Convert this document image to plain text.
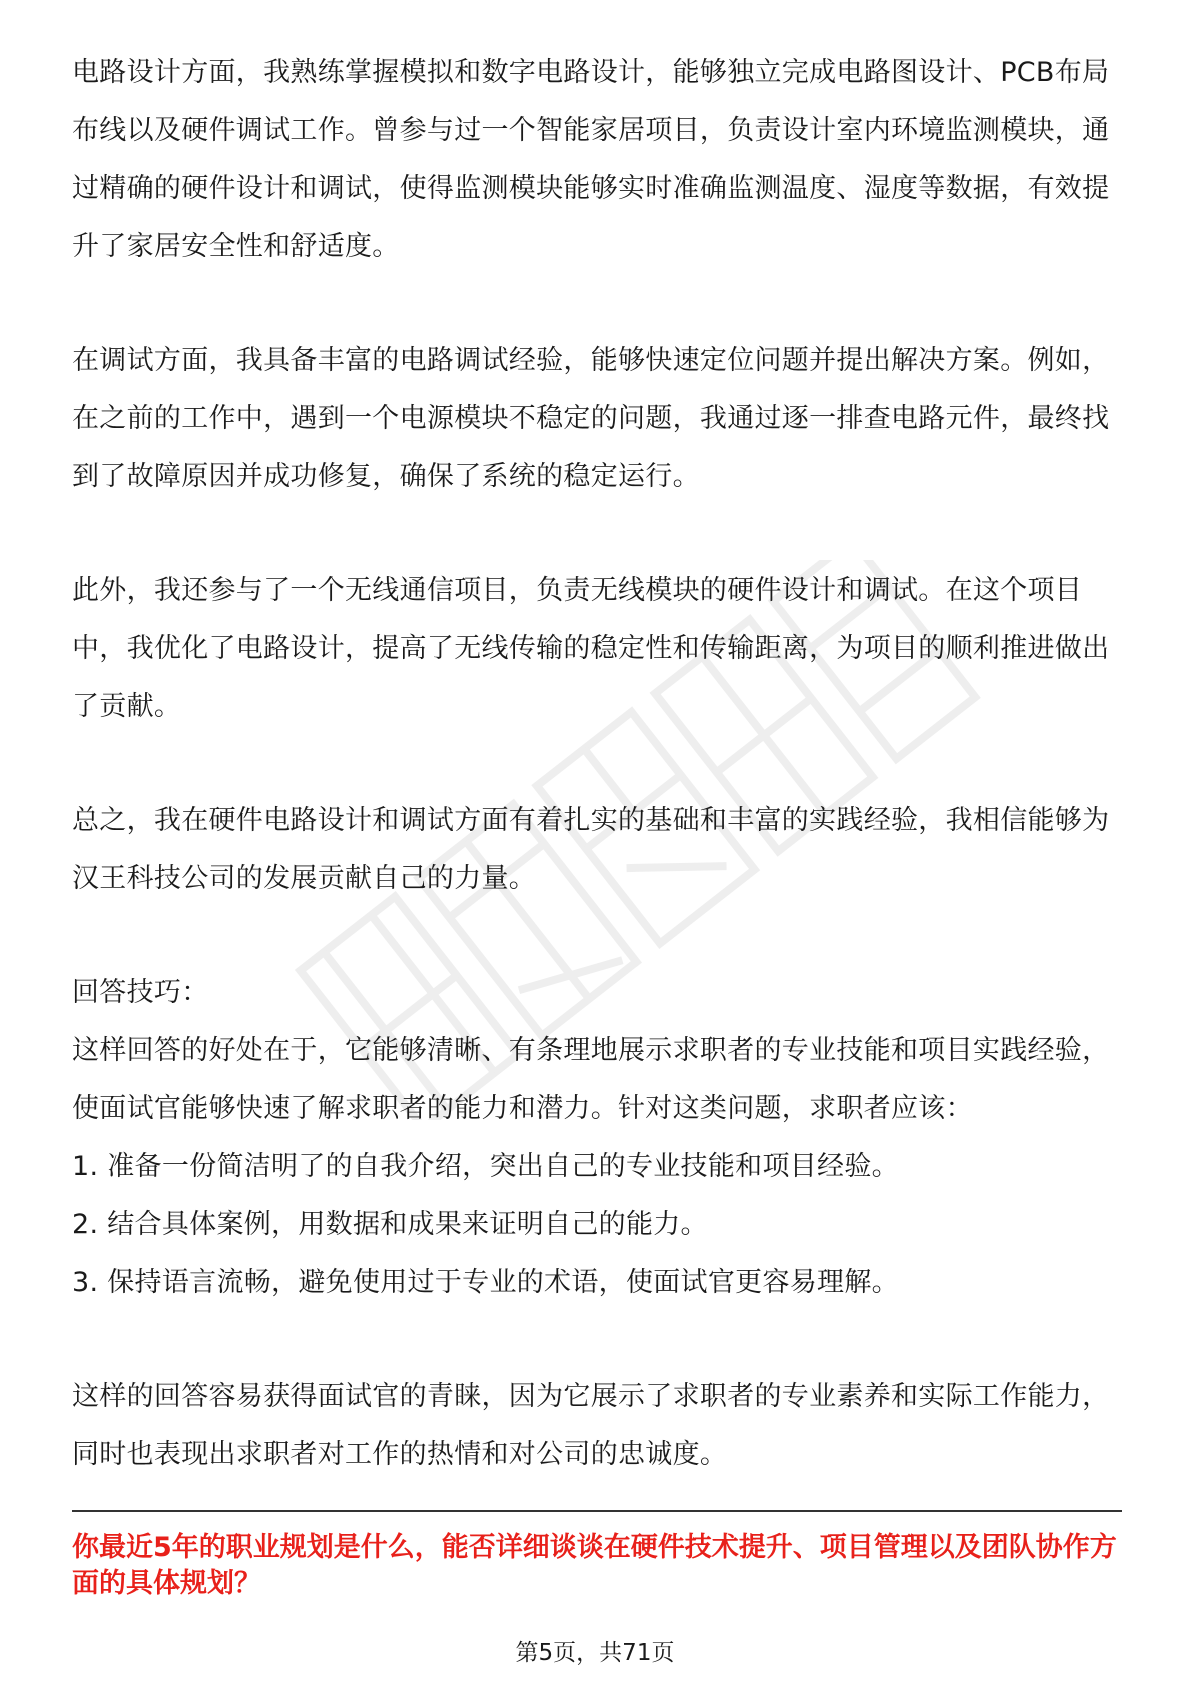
电路设计方面，我熟练掌握模拟和数字电路设计，能够独立完成电路图设计、PCB布局布线以及硬件调试工作。曾参与过一个智能家居项目，负责设计室内环境监测模块，通过精确的硬件设计和调试，使得监测模块能够实时准确监测温度、湿度等数据，有效提升了家居安全性和舒适度。

在调试方面，我具备丰富的电路调试经验，能够快速定位问题并提出解决方案。例如，在之前的工作中，遇到一个电源模块不稳定的问题，我通过逐一排查电路元件，最终找到了故障原因并成功修复，确保了系统的稳定运行。

此外，我还参与了一个无线通信项目，负责无线模块的硬件设计和调试。在这个项目中，我优化了电路设计，提高了无线传输的稳定性和传输距离，为项目的顺利推进做出了贡献。

总之，我在硬件电路设计和调试方面有着扎实的基础和丰富的实践经验，我相信能够为汉王科技公司的发展贡献自己的力量。

回答技巧：

这样回答的好处在于，它能够清晰、有条理地展示求职者的专业技能和项目实践经验，使面试官能够快速了解求职者的能力和潜力。针对这类问题，求职者应该：

1. 准备一份简洁明了的自我介绍，突出自己的专业技能和项目经验。

2. 结合具体案例，用数据和成果来证明自己的能力。

3. 保持语言流畅，避免使用过于专业的术语，使面试官更容易理解。

这样的回答容易获得面试官的青睐，因为它展示了求职者的专业素养和实际工作能力，同时也表现出求职者对工作的热情和对公司的忠诚度。

你最近5年的职业规划是什么，能否详细谈谈在硬件技术提升、项目管理以及团队协作方面的具体规划？

第5页，共71页
